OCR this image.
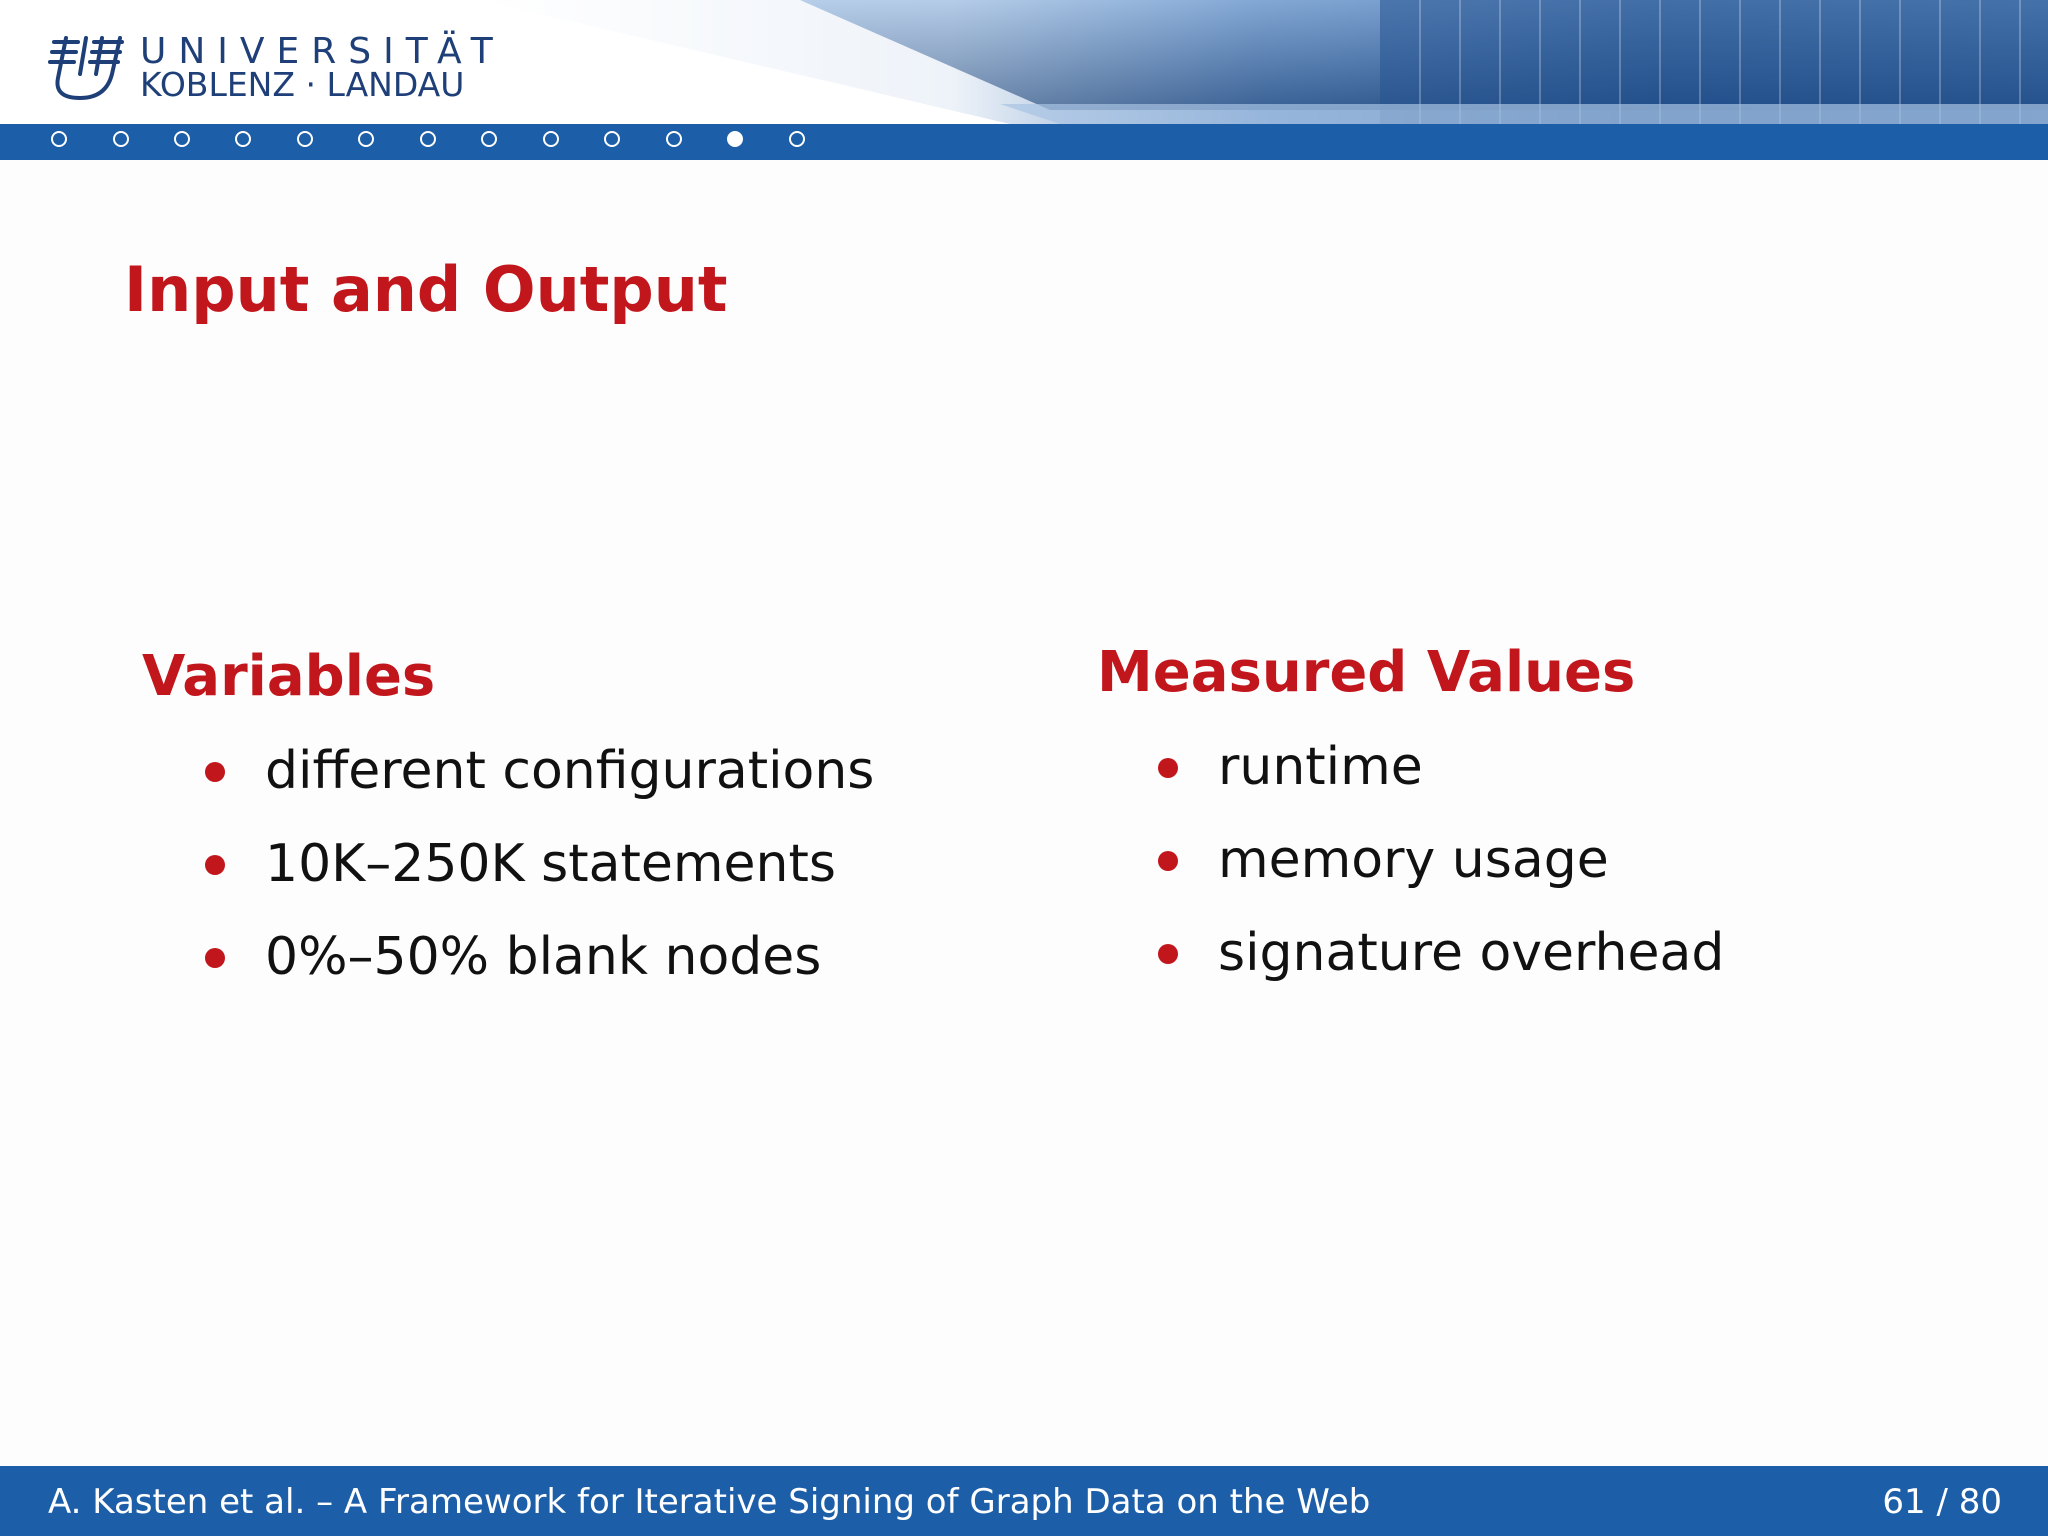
UNIVERSITÄT
KOBLENZ · LANDAU
Input and Output
Variables
different configurations
10K–250K statements
0%–50% blank nodes
Measured Values
runtime
memory usage
signature overhead
A. Kasten et al. – A Framework for Iterative Signing of Graph Data on the Web	61 / 80
